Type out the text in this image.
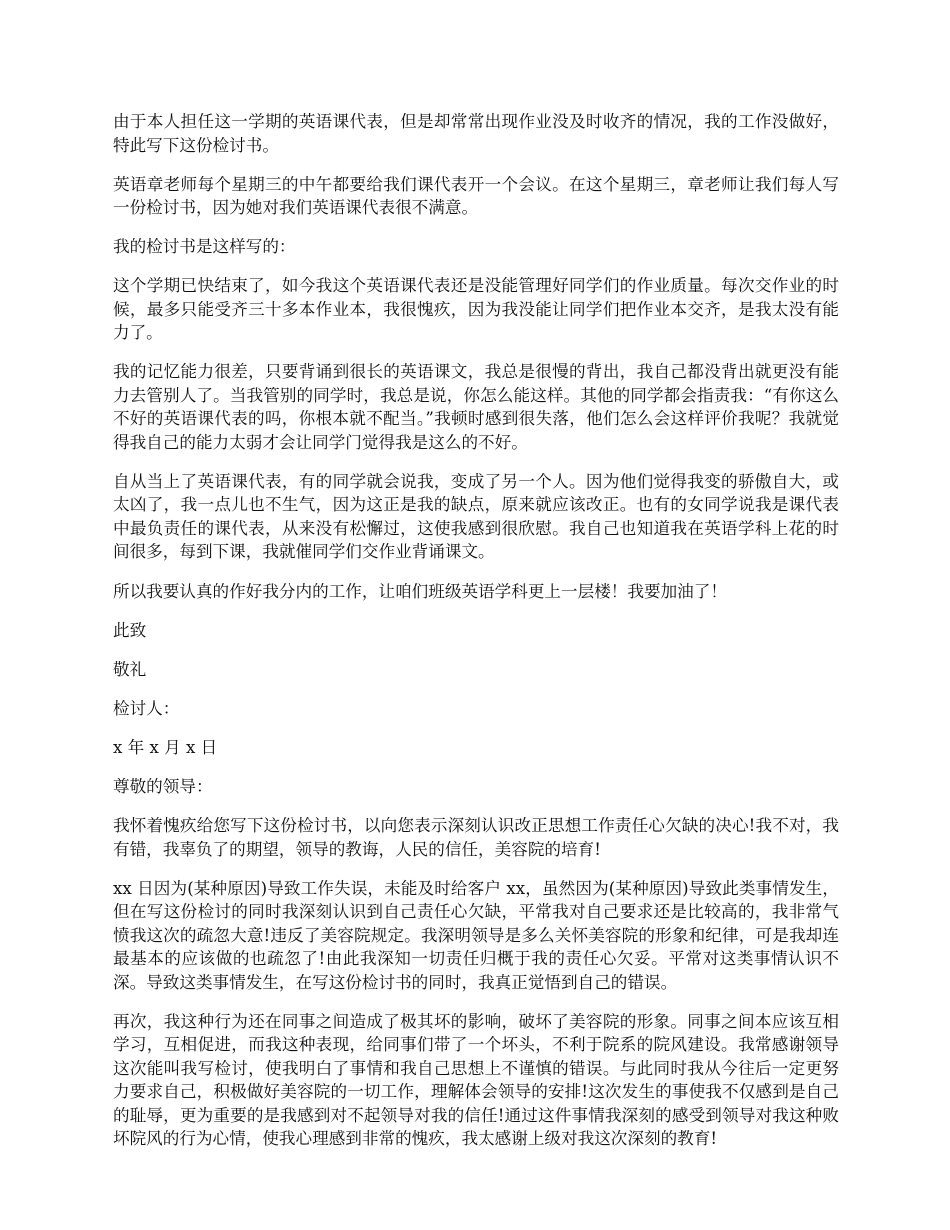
由于本人担任这一学期的英语课代表，但是却常常出现作业没及时收齐的情况，我的工作没做好，特此写下这份检讨书。

英语章老师每个星期三的中午都要给我们课代表开一个会议。在这个星期三，章老师让我们每人写一份检讨书，因为她对我们英语课代表很不满意。

我的检讨书是这样写的：

这个学期已快结束了，如今我这个英语课代表还是没能管理好同学们的作业质量。每次交作业的时候，最多只能受齐三十多本作业本，我很愧疚，因为我没能让同学们把作业本交齐，是我太没有能力了。

我的记忆能力很差，只要背诵到很长的英语课文，我总是很慢的背出，我自己都没背出就更没有能力去管别人了。当我管别的同学时，我总是说，你怎么能这样。其他的同学都会指责我：“有你这么不好的英语课代表的吗，你根本就不配当。”我顿时感到很失落，他们怎么会这样评价我呢？我就觉得我自己的能力太弱才会让同学门觉得我是这么的不好。

自从当上了英语课代表，有的同学就会说我，变成了另一个人。因为他们觉得我变的骄傲自大，或太凶了，我一点儿也不生气，因为这正是我的缺点，原来就应该改正。也有的女同学说我是课代表中最负责任的课代表，从来没有松懈过，这使我感到很欣慰。我自己也知道我在英语学科上花的时间很多，每到下课，我就催同学们交作业背诵课文。

所以我要认真的作好我分内的工作，让咱们班级英语学科更上一层楼！我要加油了！

此致

敬礼

检讨人：

x 年 x 月 x 日

尊敬的领导：

我怀着愧疚给您写下这份检讨书，以向您表示深刻认识改正思想工作责任心欠缺的决心!我不对，我有错，我辜负了的期望，领导的教诲，人民的信任，美容院的培育!

xx 日因为(某种原因)导致工作失误，未能及时给客户 xx，虽然因为(某种原因)导致此类事情发生，但在写这份检讨的同时我深刻认识到自己责任心欠缺，平常我对自己要求还是比较高的，我非常气愤我这次的疏忽大意!违反了美容院规定。我深明领导是多么关怀美容院的形象和纪律，可是我却连最基本的应该做的也疏忽了!由此我深知一切责任归概于我的责任心欠妥。平常对这类事情认识不深。导致这类事情发生，在写这份检讨书的同时，我真正觉悟到自己的错误。

再次，我这种行为还在同事之间造成了极其坏的影响，破坏了美容院的形象。同事之间本应该互相学习，互相促进，而我这种表现，给同事们带了一个坏头，不利于院系的院风建设。我常感谢领导这次能叫我写检讨，使我明白了事情和我自己思想上不谨慎的错误。与此同时我从今往后一定更努力要求自己，积极做好美容院的一切工作，理解体会领导的安排!这次发生的事使我不仅感到是自己的耻辱，更为重要的是我感到对不起领导对我的信任!通过这件事情我深刻的感受到领导对我这种败坏院风的行为心情，使我心理感到非常的愧疚，我太感谢上级对我这次深刻的教育!
